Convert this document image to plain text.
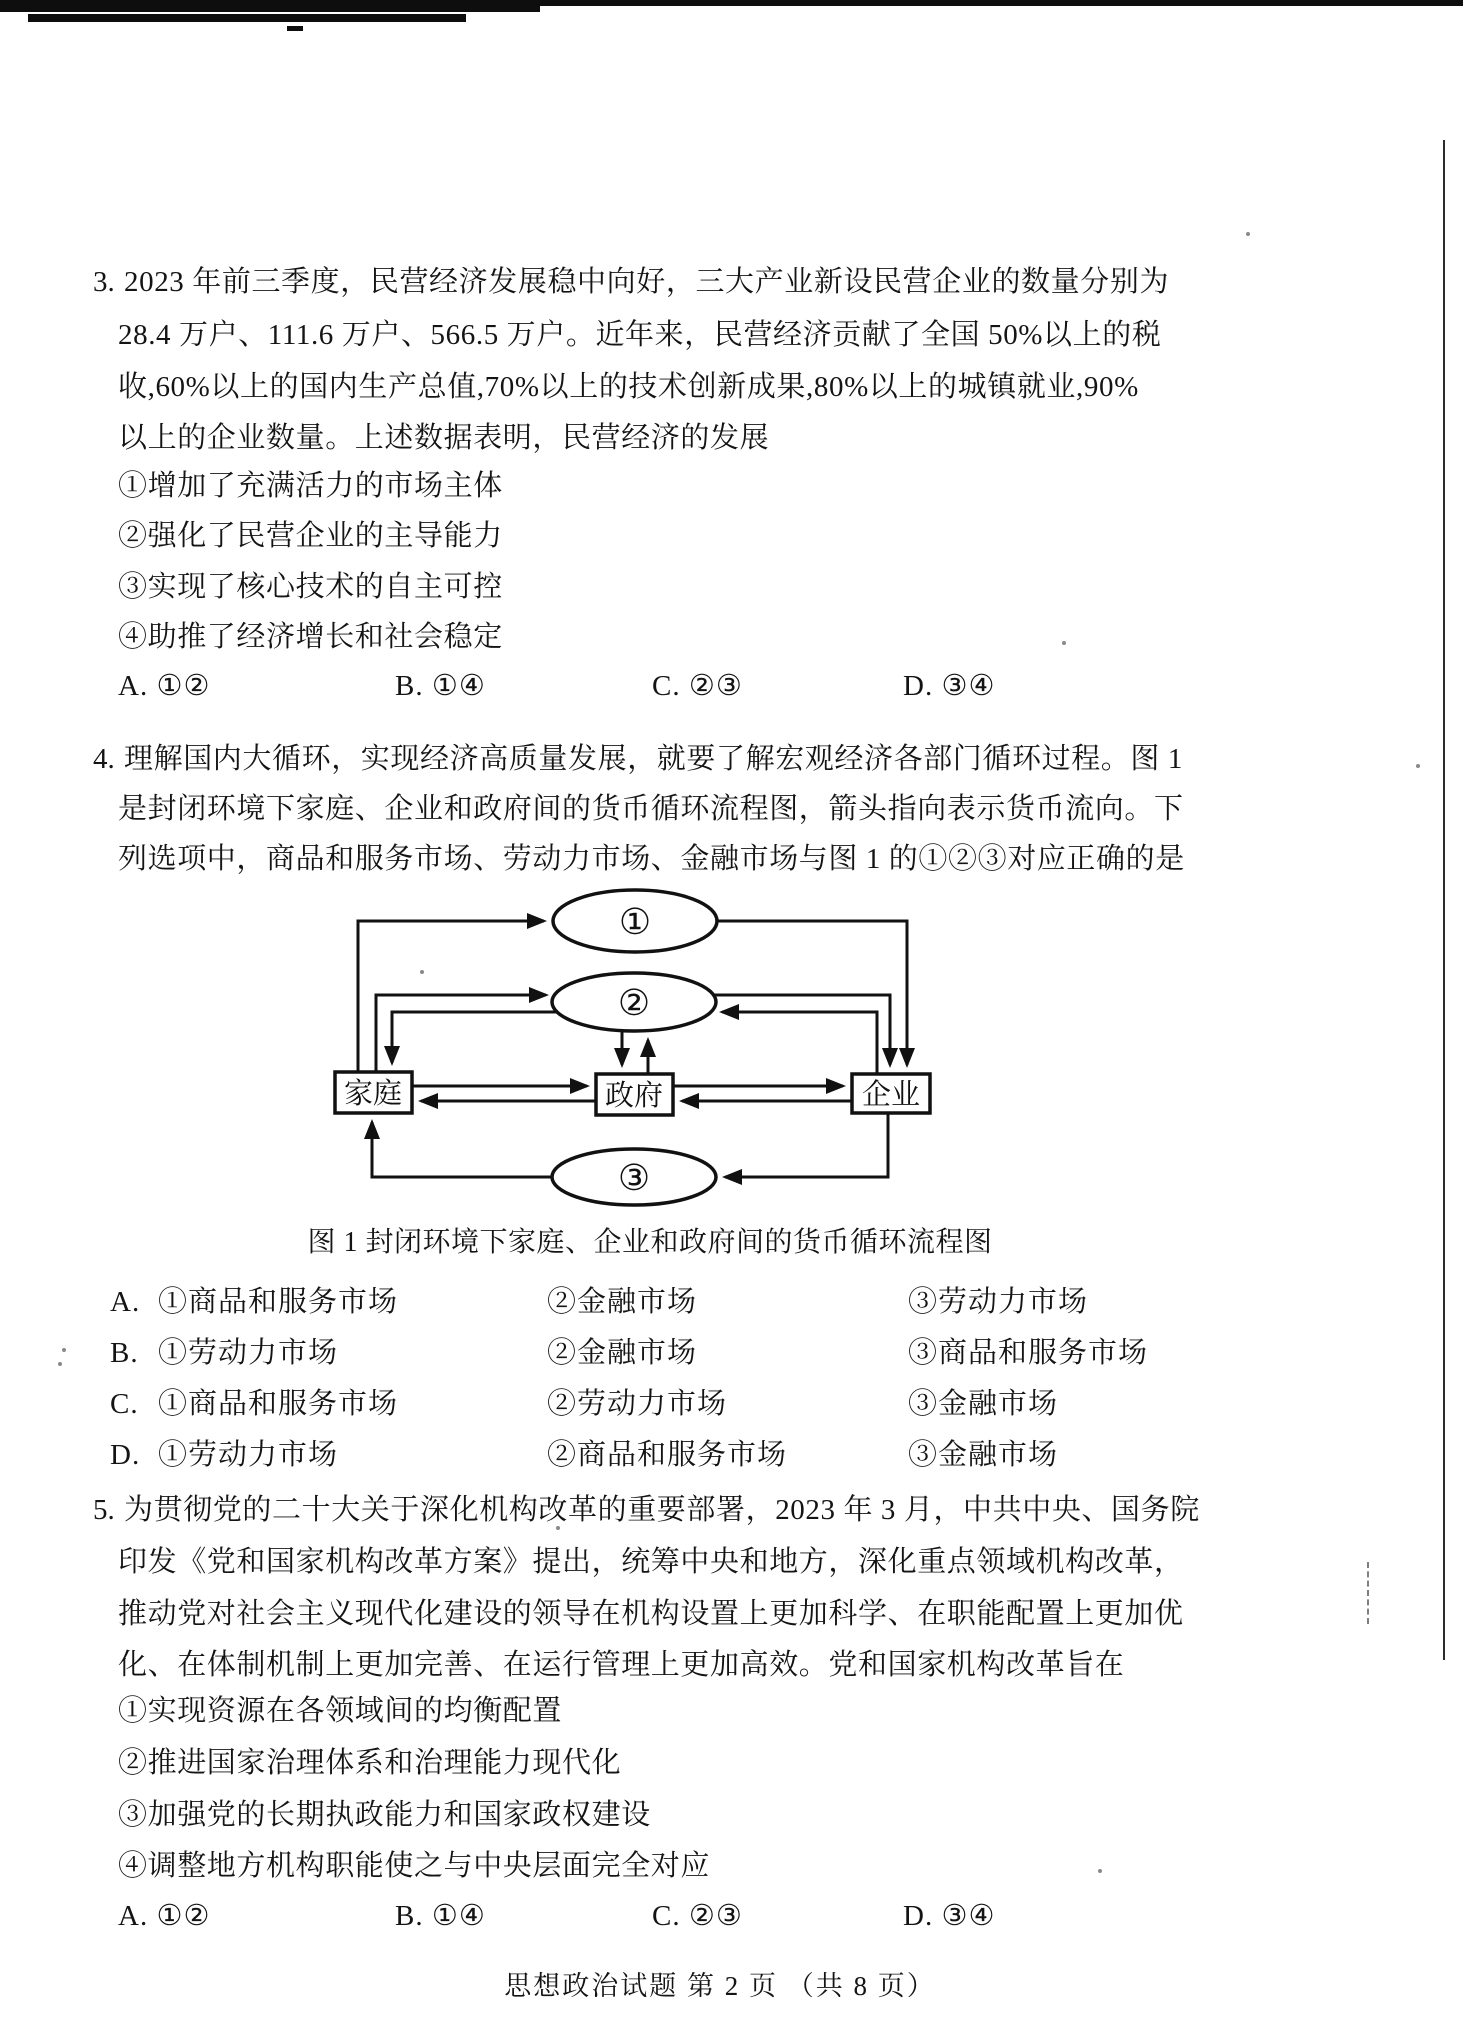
3. 2023 年前三季度，民营经济发展稳中向好，三大产业新设民营企业的数量分别为
28.4 万户、111.6 万户、566.5 万户。近年来，民营经济贡献了全国 50%以上的税
收,60%以上的国内生产总值,70%以上的技术创新成果,80%以上的城镇就业,90%
以上的企业数量。上述数据表明，民营经济的发展
①增加了充满活力的市场主体
②强化了民营企业的主导能力
③实现了核心技术的自主可控
④助推了经济增长和社会稳定
A. ①②	B. ①④	C. ②③	D. ③④
4. 理解国内大循环，实现经济高质量发展，就要了解宏观经济各部门循环过程。图 1
是封闭环境下家庭、企业和政府间的货币循环流程图，箭头指向表示货币流向。下
列选项中，商品和服务市场、劳动力市场、金融市场与图 1 的①②③对应正确的是
①
②
③
家庭	政府	企业
图 1 封闭环境下家庭、企业和政府间的货币循环流程图
A. ①商品和服务市场	②金融市场	③劳动力市场
B. ①劳动力市场	②金融市场	③商品和服务市场
C. ①商品和服务市场	②劳动力市场	③金融市场
D. ①劳动力市场	②商品和服务市场	③金融市场
5. 为贯彻党的二十大关于深化机构改革的重要部署，2023 年 3 月，中共中央、国务院
印发《党和国家机构改革方案》提出，统筹中央和地方，深化重点领域机构改革，
推动党对社会主义现代化建设的领导在机构设置上更加科学、在职能配置上更加优
化、在体制机制上更加完善、在运行管理上更加高效。党和国家机构改革旨在
①实现资源在各领域间的均衡配置
②推进国家治理体系和治理能力现代化
③加强党的长期执政能力和国家政权建设
④调整地方机构职能使之与中央层面完全对应
A. ①②	B. ①④	C. ②③	D. ③④
思想政治试题 第 2 页 （共 8 页）
